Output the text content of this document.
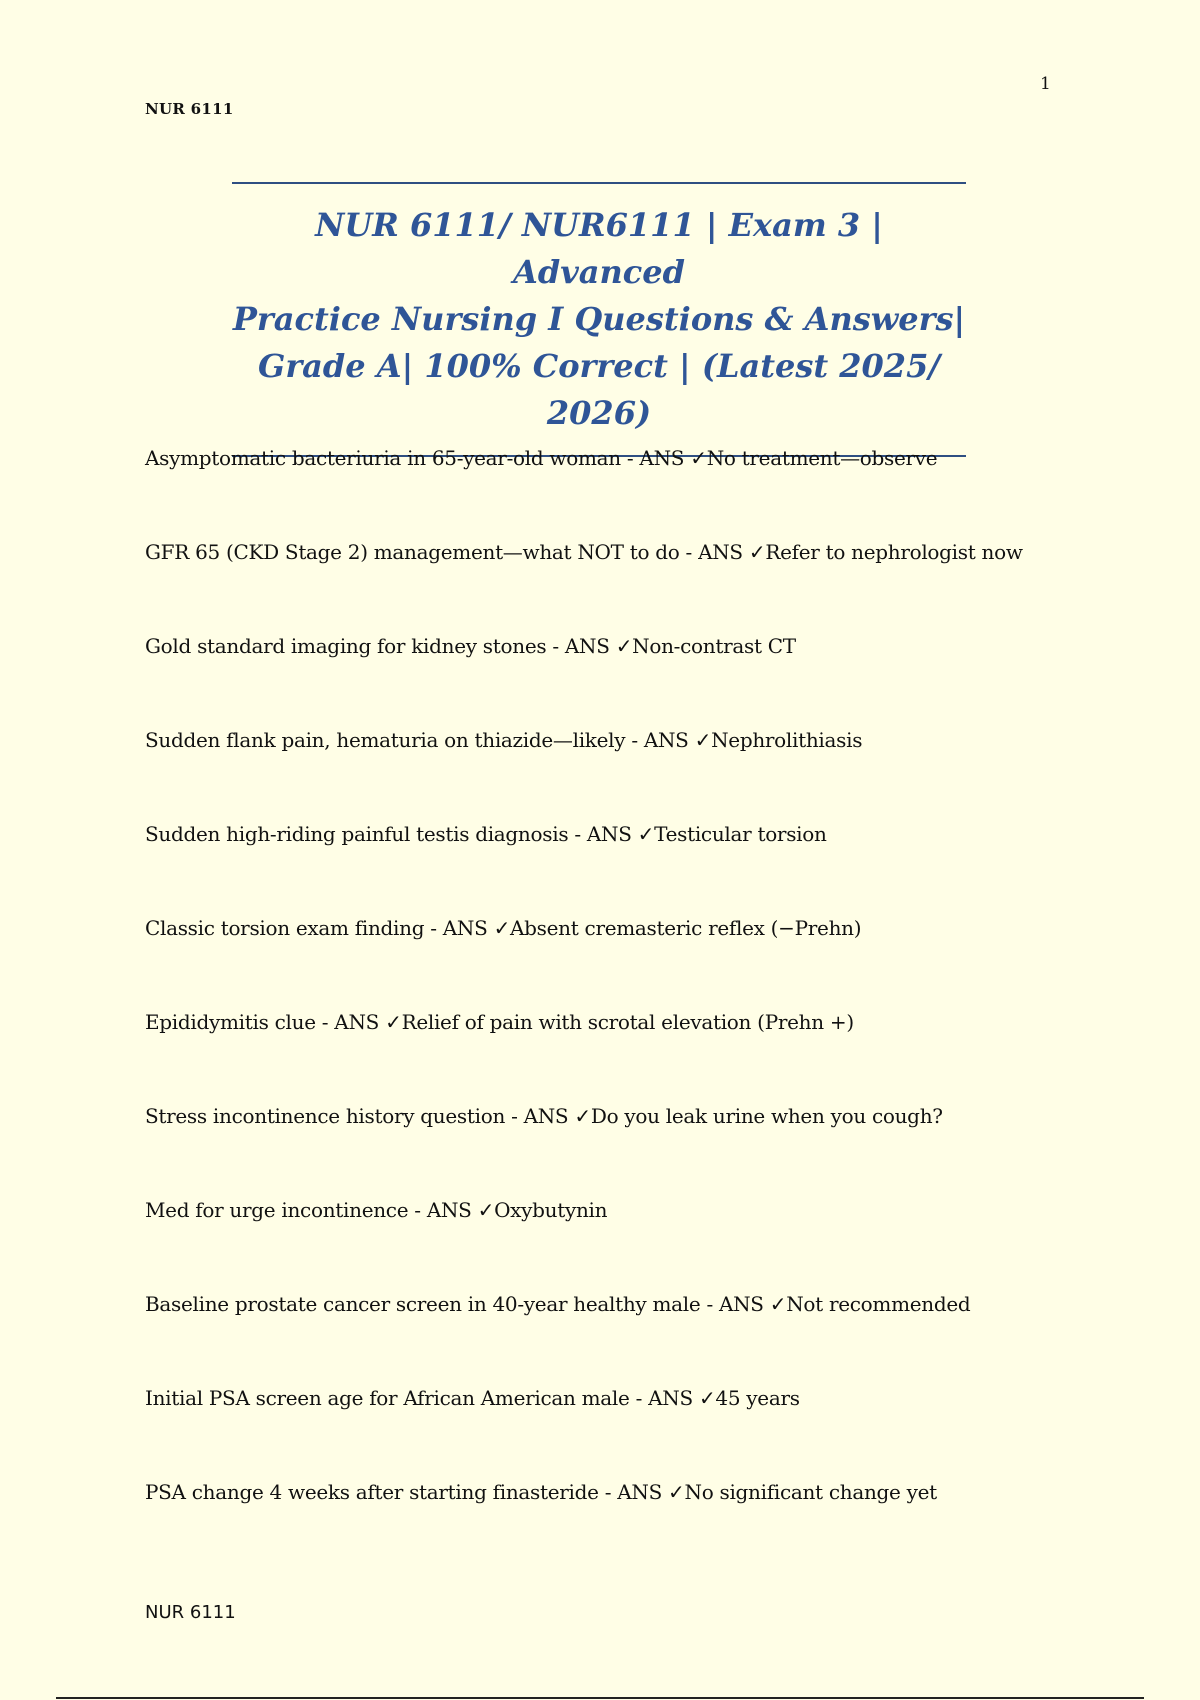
1
NUR 6111
NUR 6111/ NUR6111 | Exam 3 | Advanced
Practice Nursing I Questions & Answers|
Grade A| 100% Correct | (Latest 2025/ 2026)
Asymptomatic bacteriuria in 65-year-old woman - ANS ✓No treatment—observe
GFR 65 (CKD Stage 2) management—what NOT to do - ANS ✓Refer to nephrologist now
Gold standard imaging for kidney stones - ANS ✓Non-contrast CT
Sudden flank pain, hematuria on thiazide—likely - ANS ✓Nephrolithiasis
Sudden high-riding painful testis diagnosis - ANS ✓Testicular torsion
Classic torsion exam finding - ANS ✓Absent cremasteric reflex (−Prehn)
Epididymitis clue - ANS ✓Relief of pain with scrotal elevation (Prehn +)
Stress incontinence history question - ANS ✓Do you leak urine when you cough?
Med for urge incontinence - ANS ✓Oxybutynin
Baseline prostate cancer screen in 40-year healthy male - ANS ✓Not recommended
Initial PSA screen age for African American male - ANS ✓45 years
PSA change 4 weeks after starting finasteride - ANS ✓No significant change yet
NUR 6111
